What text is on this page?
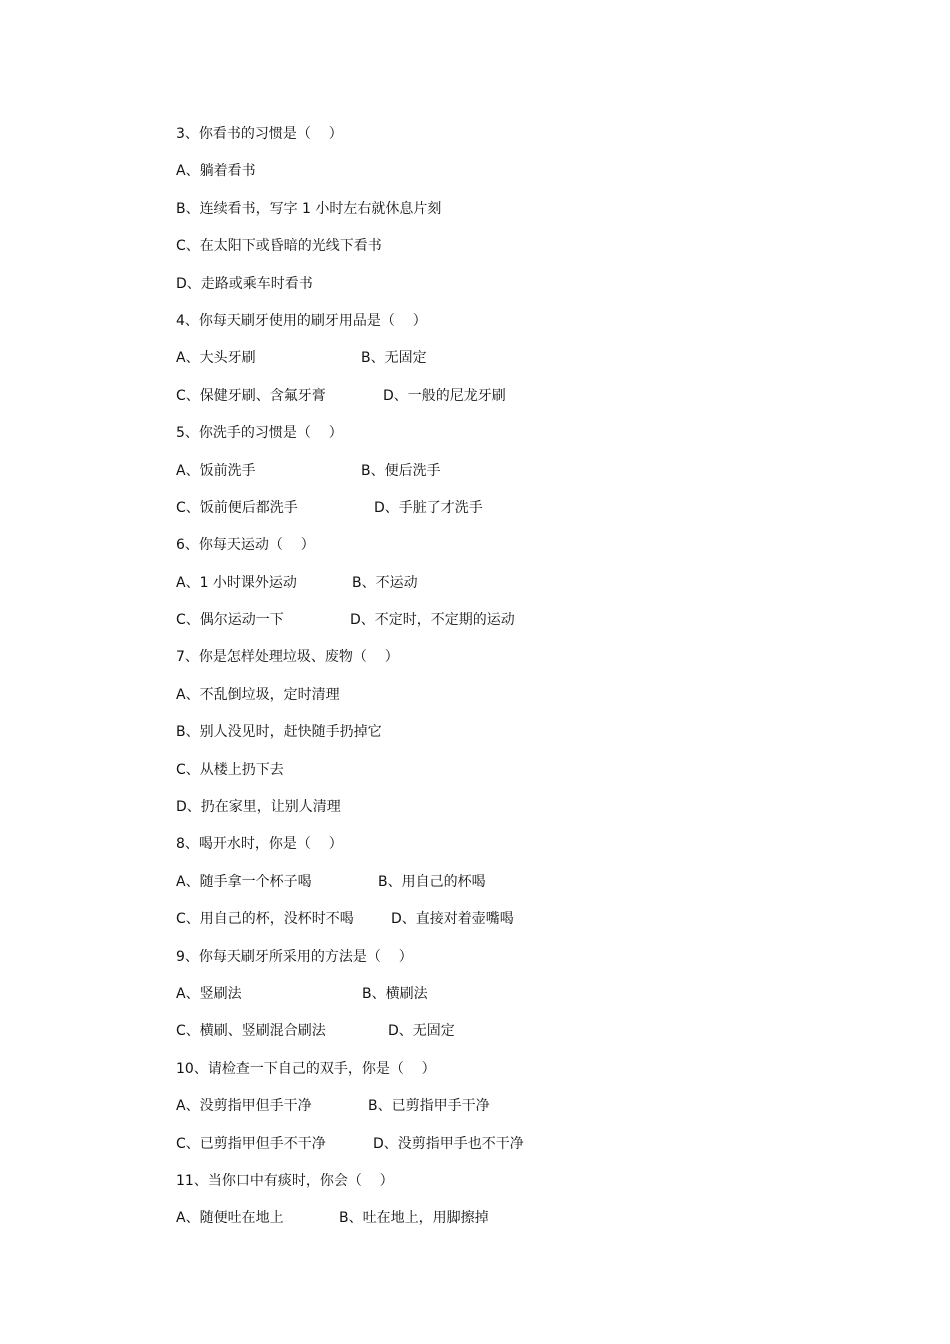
3、你看书的习惯是（    ）
A、躺着看书
B、连续看书，写字 1 小时左右就休息片刻
C、在太阳下或昏暗的光线下看书
D、走路或乘车时看书
4、你每天刷牙使用的刷牙用品是（    ）
A、大头牙刷	B、无固定
C、保健牙刷、含氟牙膏	D、一般的尼龙牙刷
5、你洗手的习惯是（    ）
A、饭前洗手	B、便后洗手
C、饭前便后都洗手	D、手脏了才洗手
6、你每天运动（    ）
A、1 小时课外运动	B、不运动
C、偶尔运动一下	D、不定时，不定期的运动
7、你是怎样处理垃圾、废物（    ）
A、不乱倒垃圾，定时清理
B、别人没见时，赶快随手扔掉它
C、从楼上扔下去
D、扔在家里，让别人清理
8、喝开水时，你是（    ）
A、随手拿一个杯子喝	B、用自己的杯喝
C、用自己的杯，没杯时不喝	D、直接对着壶嘴喝
9、你每天刷牙所采用的方法是（    ）
A、竖刷法	B、横刷法
C、横刷、竖刷混合刷法	D、无固定
10、请检查一下自己的双手，你是（    ）
A、没剪指甲但手干净	B、已剪指甲手干净
C、已剪指甲但手不干净	D、没剪指甲手也不干净
11、当你口中有痰时，你会（    ）
A、随便吐在地上	B、吐在地上，用脚擦掉
